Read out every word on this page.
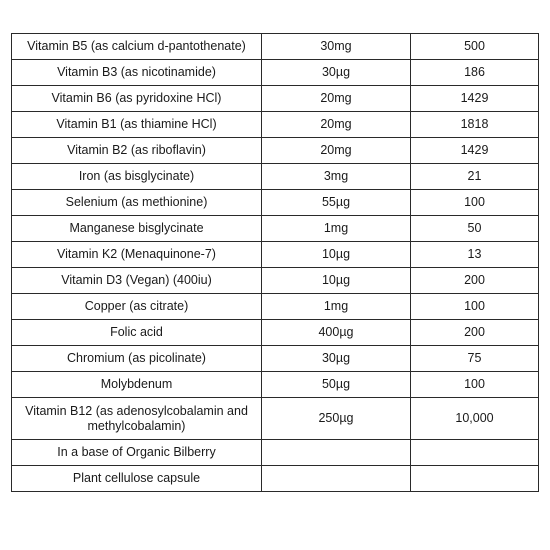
Vitamin B5 (as calcium d-pantothenate)	30mg	500
Vitamin B3 (as nicotinamide)	30µg	186
Vitamin B6 (as pyridoxine HCl)	20mg	1429
Vitamin B1 (as thiamine HCl)	20mg	1818
Vitamin B2 (as riboflavin)	20mg	1429
Iron (as bisglycinate)	3mg	21
Selenium (as methionine)	55µg	100
Manganese bisglycinate	1mg	50
Vitamin K2 (Menaquinone-7)	10µg	13
Vitamin D3 (Vegan) (400iu)	10µg	200
Copper (as citrate)	1mg	100
Folic acid	400µg	200
Chromium (as picolinate)	30µg	75
Molybdenum	50µg	100
Vitamin B12 (as adenosylcobalamin and methylcobalamin)	250µg	10,000
In a base of Organic Bilberry		
Plant cellulose capsule		
